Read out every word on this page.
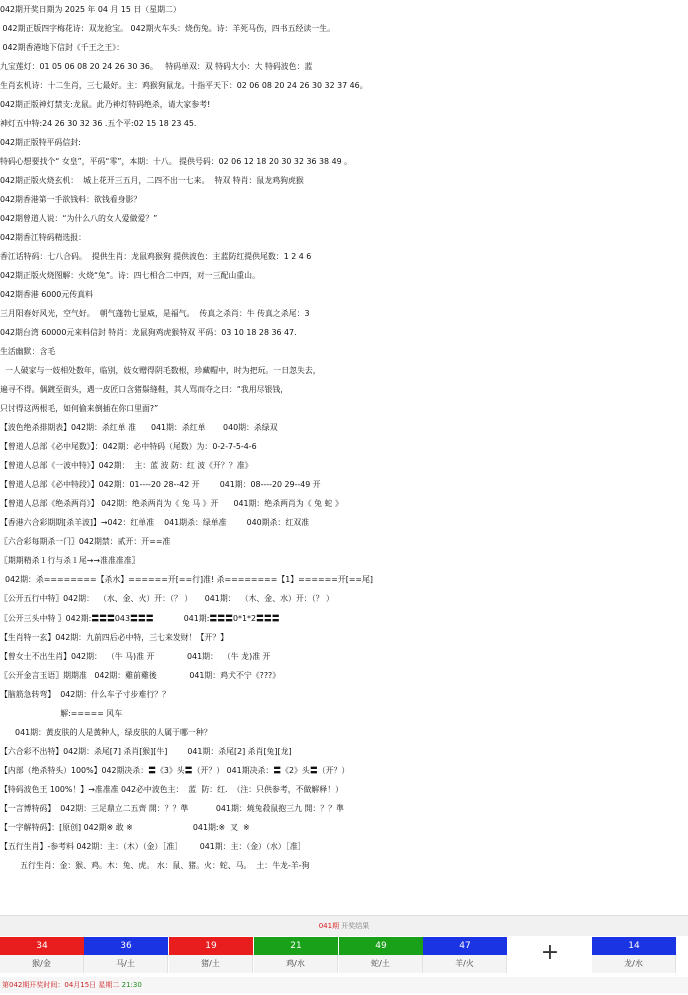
042期开奖日期为 2025 年 04 月 15 日（星期二）
042期正版四字梅花诗：双龙抢宝。 042期火车头：烧伤兔。诗：羊死马伤，四书五经读一生。
042期香港地下信封《千王之王》：
九宝莲灯：01 05 06 08 20 24 26 30 36。   特码单双：双 特码大小：大 特码波色：蓝
生肖玄机诗：十二生肖，三七最好。主：鸡猴狗鼠龙。十指平天下：02 06 08 20 24 26 30 32 37 46。
042期正版神灯禁支:龙鼠。此乃神灯特码绝杀，请大家参考!
神灯五中特:24 26 30 32 36 .五个平:02 15 18 23 45.
042期正版特平码信封:
特码心想要找个“ 女皇”，平码“零”，本期：十八。 提供号码：02 06 12 18 20 30 32 36 38 49 。
042期正版火烧玄机：  城上花开三五月，二四不出一七来。  特双 特肖：鼠龙鸡狗虎猴
042期香港第一手欲钱料：欲钱看身影？
042期曾道人说：“为什么八的女人爱做爱？”
042期香江特码精选报：
香江话特码：七八合码。  提供生肖：龙鼠鸡猴狗 提供波色：主蓝防红提供尾数：1 2 4 6
042期正版火烧图解：火烧“兔”。诗：四七相合二中四，对一三配山重山。
042期香港 6000元传真料
三月阳春好风光，空气好。  朝气蓬勃七显威，是福气。  传真之杀肖：牛 传真之杀尾：3
042期台湾 60000元来料信封 特肖：龙鼠狗鸡虎猴特双 平码：03 10 18 28 36 47.
生活幽默：含毛
一人破家与一妓相处数年，临别，妓女赠得阴毛数根，珍藏帽中，时为把玩。一日忽失去，
遍寻不得。偶踱至街头，遇一皮匠口含猪鬃缝鞋，其人骂而夺之曰：“我用尽银钱，
只讨得这两根毛，如何偷来倒插在你口里面?”
【波色绝杀排期表】042期：杀红单 准      041期：杀红单       040期：杀绿双
【曾道人总部《必中尾数》】：042期：必中特码（尾数）为：0-2-7-5-4-6
【曾道人总部《一波中特》】042期：  主：蓝 波 防：红 波《开？？准》
【曾道人总部《必中特段》】042期：01----20 28--42 开        041期：08----20 29--49 开
【曾道人总部《绝杀两肖》】 042期：绝杀两肖为《 兔 马 》开      041期：绝杀两肖为《 兔 蛇 》
【香港六合彩期期[杀羊波]】→042：红单准    041期杀：绿单准        040期杀：红双准
〖六合彩每期杀一门〗042期禁：贰开：开==准
〖期期精杀１行与杀１尾→→准准准准〗
042期：杀========【杀水】======开[==行]准! 杀========【1】======开[==尾]
〖公开五行中特〗042期：  （水、金、火）开：（？ ）     041期：  （木、金、水）开：（？ ）
〖公开三头中特 〗042期:〓〓〓043〓〓〓            041期:〓〓〓0*1*2〓〓〓
【生肖特一玄】042期：九前四后必中特，三七来发财！【开？】
【曾女士不出生肖】042期：  （牛 马)准 开             041期：  （牛 龙)准 开
〖公开金言玉语〗期期准   042期：雞前雞後             041期：鸡犬不宁《???》
【脑筋急转弯】  042期：什么车子寸步难行？？
解:===== 风车
041期：黃皮肤的人是黃种人，绿皮肤的人属于哪一种？
【六合彩不出特】042期：杀尾[7] 杀肖[猴][牛]        041期：杀尾[2] 杀肖[兔][龙]
【内部（绝杀特头）100%】042期决杀：〓《3》头〓（开？） 041期决杀：〓《2》头〓（开？）
【特码波色王 100%！】→准准准 042必中波色主：  蓝  防：红.  （注：只供参考，不做解释！）
【一言博特码】  042期：三足鼎立二五齊 開：？？準           041期：燒兔殺鼠抱三九 開：？？準
【一字解特码】：[原创] 042期※ 敢 ※                        041期:※  叉  ※
【五行生肖】-参考料 042期：主：（木）（金）［准］       041期：主：（金）（水）［准］
五行生肖：金：猴、鸡。木：兔、虎。 水：鼠、猪。火：蛇、马。  土：牛龙-羊-狗
041期 开奖结果
34
猴/金
36
马/土
19
猪/土
21
鸡/水
49
蛇/土
47
羊/火
14
龙/水
+
第042期开奖时间：04月15日 星期二 21:30
